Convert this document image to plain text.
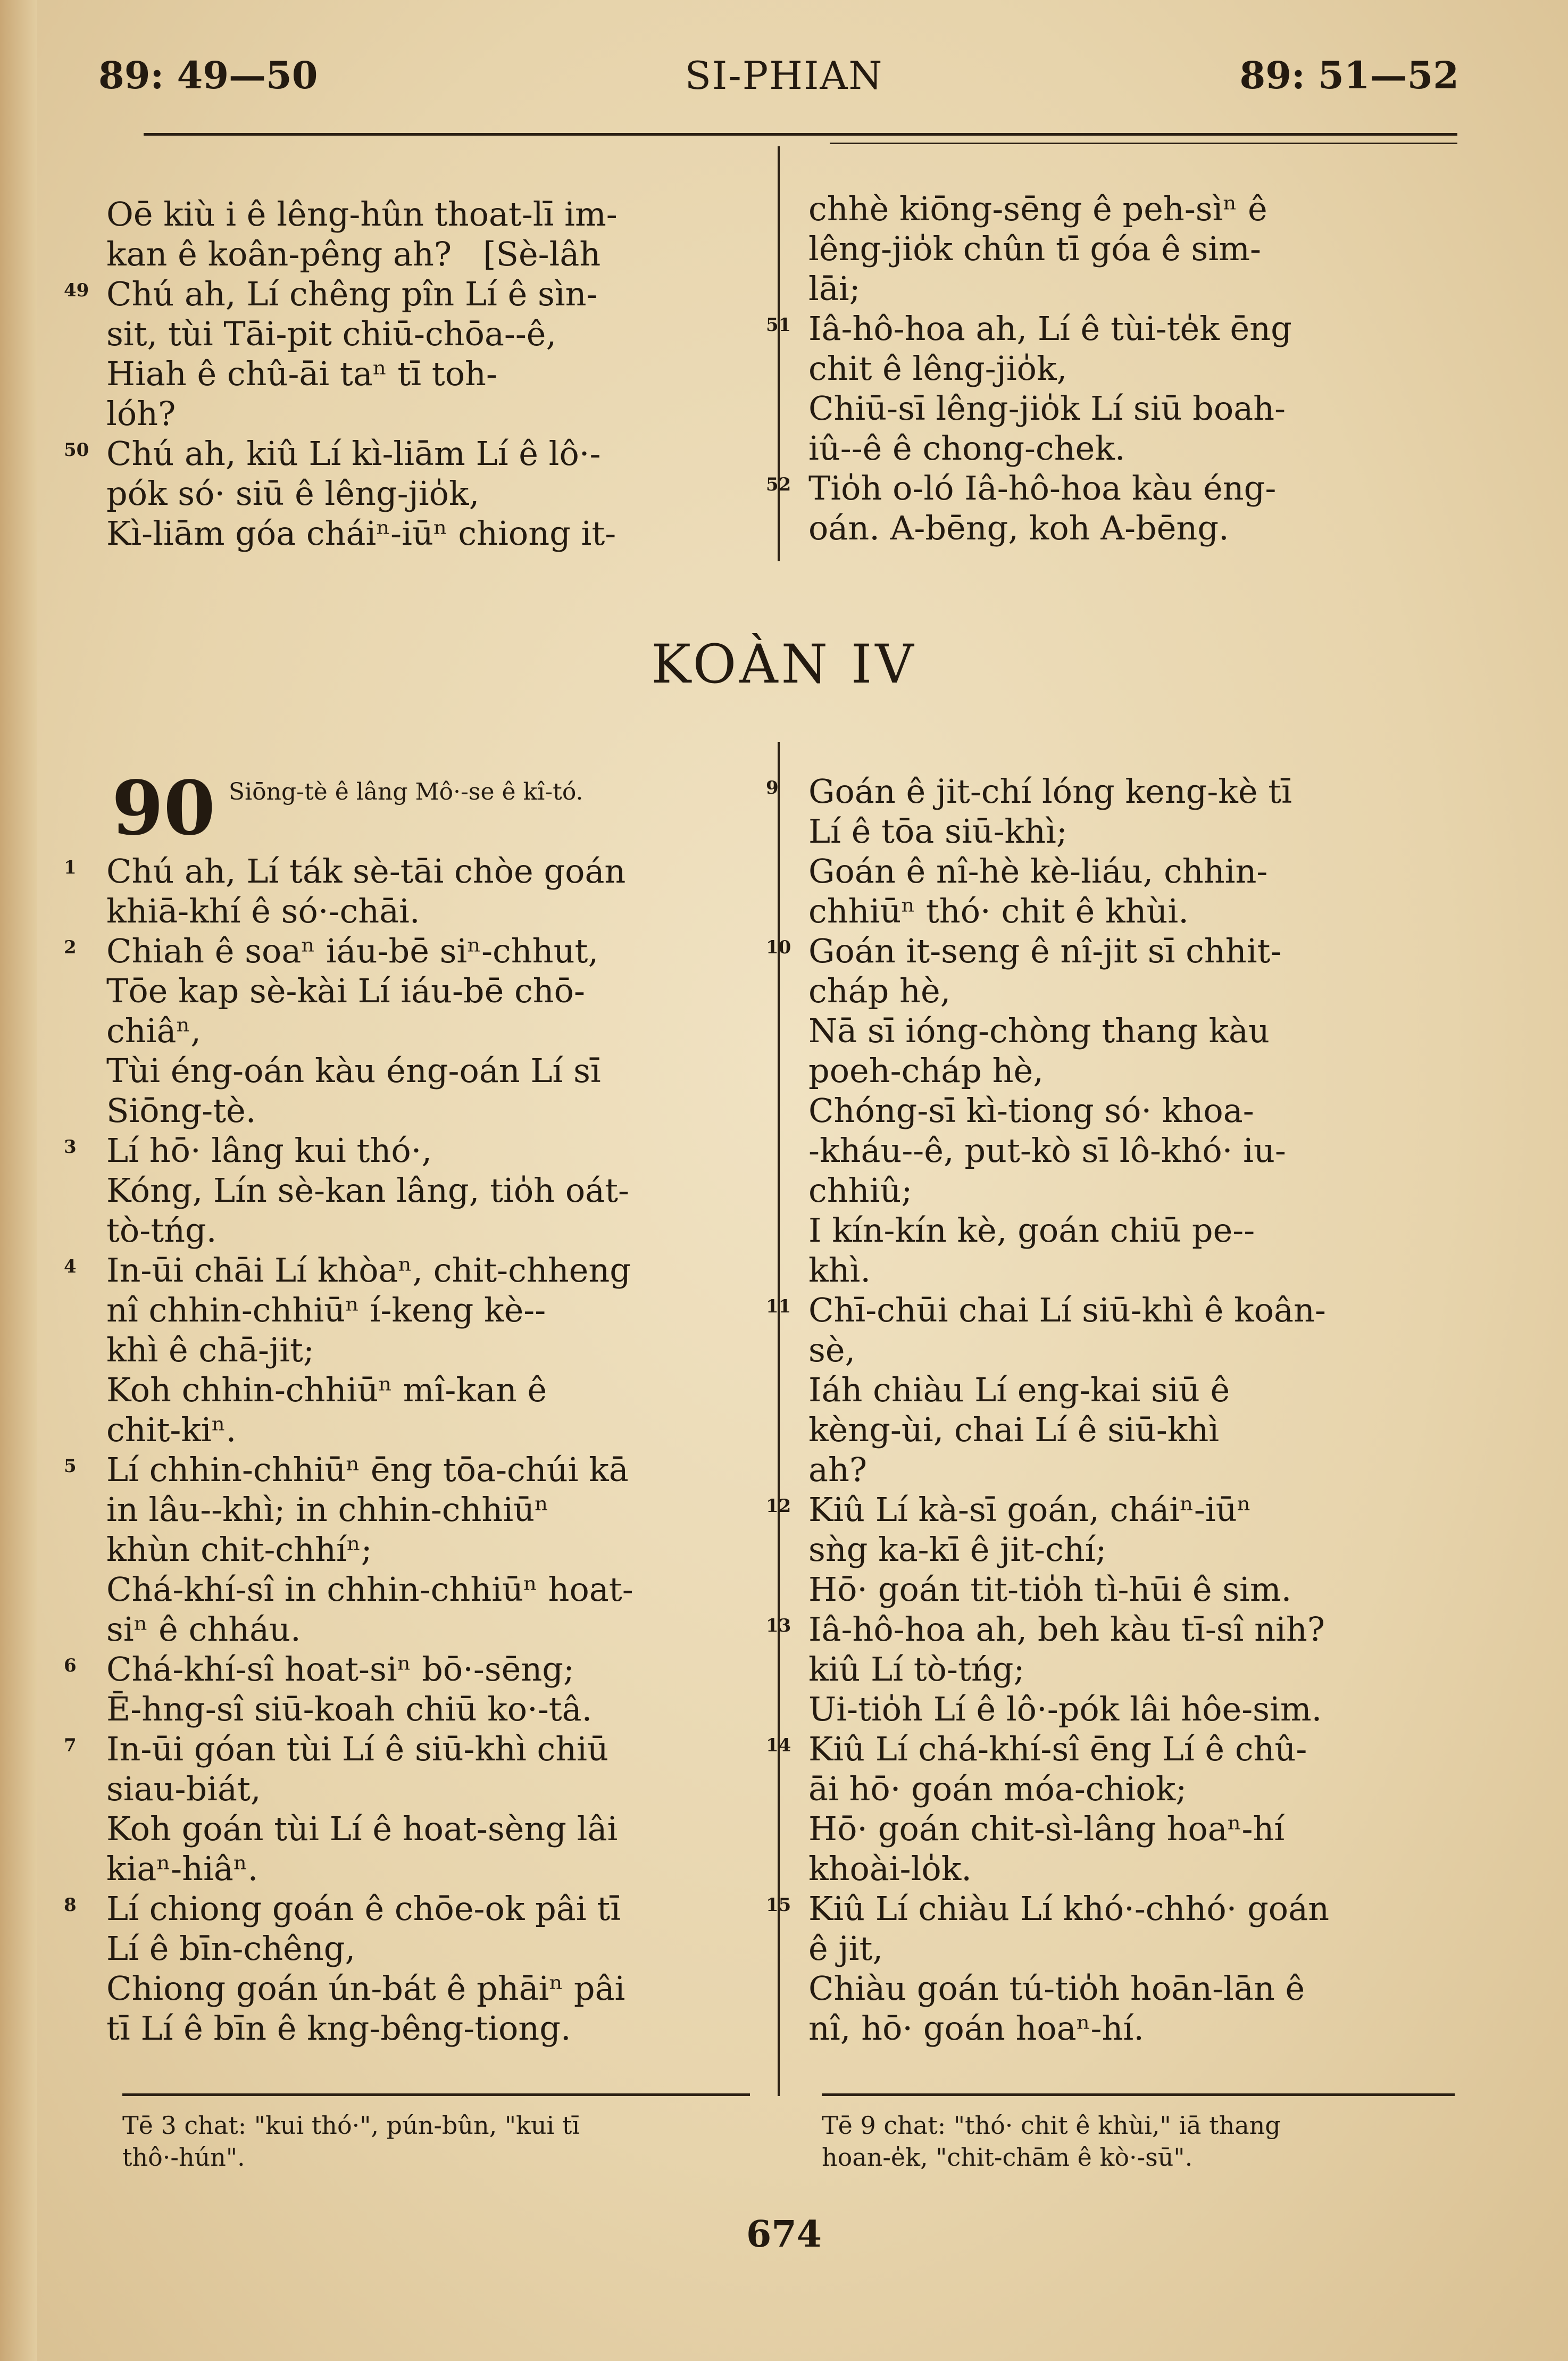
89: 49—50	SI-PHIAN	89: 51—52
Oē kiù i ê lêng-hûn thoat-lī im-
kan ê koân-pêng ah?   [Sè-lâh
49 Chú ah, Lí chêng pîn Lí ê sìn-
sit, tùi Tāi-pit chiū-chōa--ê,
Hiah ê chû-āi taⁿ tī toh-
lóh?
50 Chú ah, kiû Lí kì-liām Lí ê lô·-
pók só· siū ê lêng-jio̍k,
Kì-liām góa cháiⁿ-iūⁿ chiong it-
chhè kiōng-sēng ê peh-sìⁿ ê
lêng-jio̍k chûn tī góa ê sim-
lāi;
51 Iâ-hô-hoa ah, Lí ê tùi-te̍k ēng
chit ê lêng-jio̍k,
Chiū-sī lêng-jio̍k Lí siū boah-
iû--ê ê chong-chek.
52 Tio̍h o-ló Iâ-hô-hoa kàu éng-
oán. A-bēng, koh A-bēng.
KOÀN IV
90 Siōng-tè ê lâng Mô·-se ê kî-tó.
1 Chú ah, Lí ták sè-tāi chòe goán
khiā-khí ê só·-chāi.
2 Chiah ê soaⁿ iáu-bē siⁿ-chhut,
Tōe kap sè-kài Lí iáu-bē chō-
chiâⁿ,
Tùi éng-oán kàu éng-oán Lí sī
Siōng-tè.
3 Lí hō· lâng kui thó·,
Kóng, Lín sè-kan lâng, tio̍h oát-
tò-tńg.
4 In-ūi chāi Lí khòaⁿ, chit-chheng
nî chhin-chhiūⁿ í-keng kè--
khì ê chā-jit;
Koh chhin-chhiūⁿ mî-kan ê
chit-kiⁿ.
5 Lí chhin-chhiūⁿ ēng tōa-chúi kā
in lâu--khì; in chhin-chhiūⁿ
khùn chit-chhíⁿ;
Chá-khí-sî in chhin-chhiūⁿ hoat-
siⁿ ê chháu.
6 Chá-khí-sî hoat-siⁿ bō·-sēng;
Ē-hng-sî siū-koah chiū ko·-tâ.
7 In-ūi góan tùi Lí ê siū-khì chiū
siau-biát,
Koh goán tùi Lí ê hoat-sèng lâi
kiaⁿ-hiâⁿ.
8 Lí chiong goán ê chōe-ok pâi tī
Lí ê bīn-chêng,
Chiong goán ún-bát ê phāiⁿ pâi
tī Lí ê bīn ê kng-bêng-tiong.
9 Goán ê jit-chí lóng keng-kè tī
Lí ê tōa siū-khì;
Goán ê nî-hè kè-liáu, chhin-
chhiūⁿ thó· chit ê khùi.
10 Goán it-seng ê nî-jit sī chhit-
cháp hè,
Nā sī ióng-chòng thang kàu
poeh-cháp hè,
Chóng-sī kì-tiong só· khoa-
-kháu--ê, put-kò sī lô-khó· iu-
chhiû;
I kín-kín kè, goán chiū pe--
khì.
11 Chī-chūi chai Lí siū-khì ê koân-
sè,
Iáh chiàu Lí eng-kai siū ê
kèng-ùi, chai Lí ê siū-khì
ah?
12 Kiû Lí kà-sī goán, cháiⁿ-iūⁿ
sǹg ka-kī ê jit-chí;
Hō· goán tit-tio̍h tì-hūi ê sim.
13 Iâ-hô-hoa ah, beh kàu tī-sî nih?
kiû Lí tò-tńg;
Ui-tio̍h Lí ê lô·-pók lâi hôe-sim.
14 Kiû Lí chá-khí-sî ēng Lí ê chû-
āi hō· goán móa-chiok;
Hō· goán chit-sì-lâng hoaⁿ-hí
khoài-lo̍k.
15 Kiû Lí chiàu Lí khó·-chhó· goán
ê jit,
Chiàu goán tú-tio̍h hoān-lān ê
nî, hō· goán hoaⁿ-hí.
Tē 3 chat: "kui thó·", pún-bûn, "kui tī
thô·-hún".
Tē 9 chat: "thó· chit ê khùi," iā thang
hoan-e̍k, "chit-chām ê kò·-sū".
674
